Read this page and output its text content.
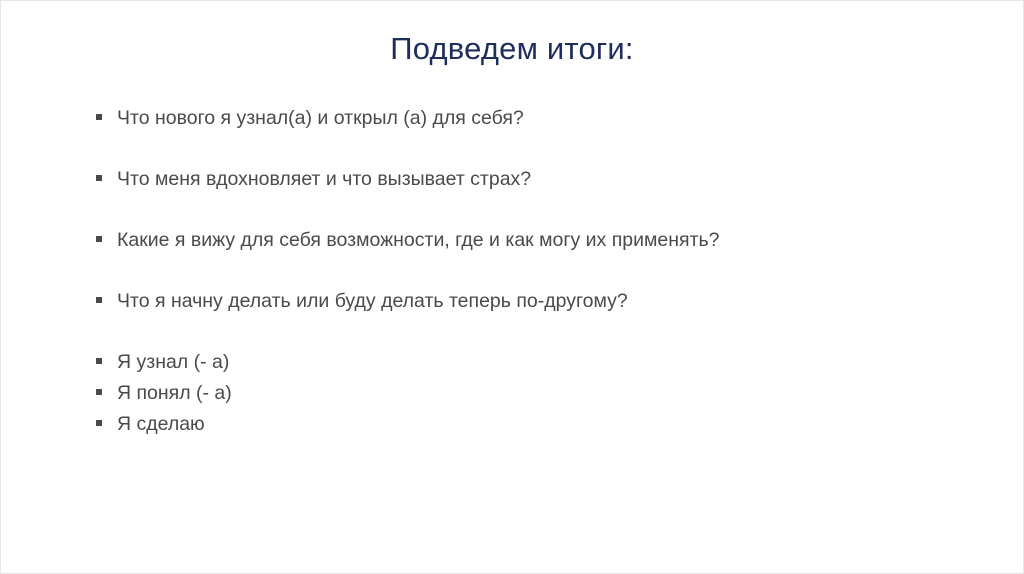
Подведем итоги:
Что нового я узнал(а) и открыл (а) для себя?
Что меня вдохновляет и что вызывает страх?
Какие я вижу для себя возможности, где и как могу их применять?
Что я начну делать или буду делать теперь по-другому?
Я узнал (- а)
Я понял (- а)
Я сделаю
